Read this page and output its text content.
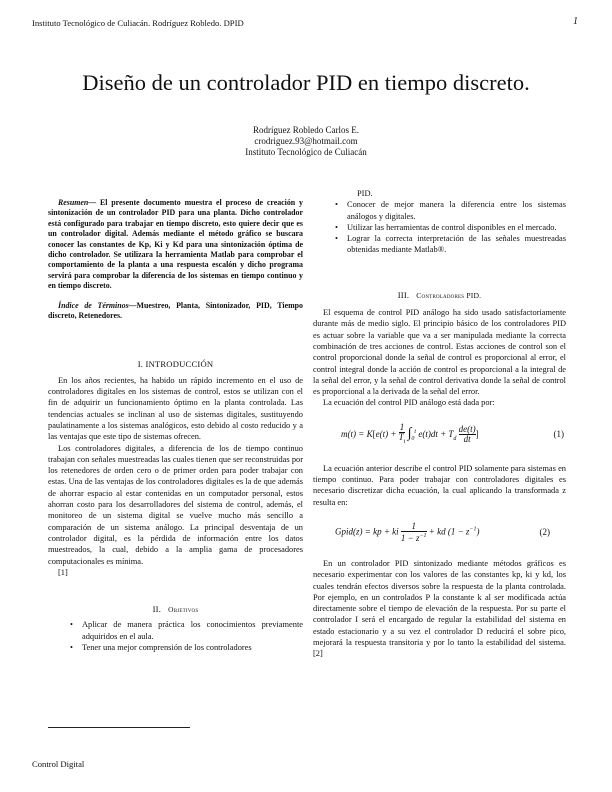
Instituto Tecnológico de Culiacán. Rodríguez Robledo. DPID	1
Diseño de un controlador PID en tiempo discreto.
Rodríguez Robledo Carlos E.
crodriguez.93@hotmail.com
Instituto Tecnológico de Culiacán

Resumen— El presente documento muestra el proceso de creación y sintonización de un controlador PID para una planta. Dicho controlador está configurado para trabajar en tiempo discreto, esto quiere decir que es un controlador digital. Además mediante el método gráfico se buscara conocer las constantes de Kp, Ki y Kd para una sintonización óptima de dicho controlador. Se utilizara la herramienta Matlab para comprobar el comportamiento de la planta a una respuesta escalón y dicho programa servirá para comprobar la diferencia de los sistemas en tiempo continuo y en tiempo discreto.

Índice de Términos—Muestreo, Planta, Sintonizador, PID, Tiempo discreto, Retenedores.

I. INTRODUCCIÓN

En los años recientes, ha habido un rápido incremento en el uso de controladores digitales en los sistemas de control, estos se utilizan con el fin de adquirir un funcionamiento óptimo en la planta controlada. Las tendencias actuales se inclinan al uso de sistemas digitales, sustituyendo paulatinamente a los sistemas analógicos, esto debido al costo reducido y a las ventajas que este tipo de sistemas ofrecen.

Los controladores digitales, a diferencia de los de tiempo continuo trabajan con señales muestreadas las cuales tienen que ser reconstruidas por los retenedores de orden cero o de primer orden para poder trabajar con estas. Una de las ventajas de los controladores digitales es la de que además de ahorrar espacio al estar contenidas en un computador personal, estos ahorran costo para los desarrolladores del sistema de control, además, el monitoreo de un sistema digital se vuelve mucho más sencillo a comparación de un sistema análogo. La principal desventaja de un controlador digital, es la pérdida de información entre los datos muestreados, la cual, debido a la amplia gama de procesadores computacionales es mínima.

[1]

II. Objetivos
• Aplicar de manera práctica los conocimientos previamente adquiridos en el aula.
• Tener una mejor comprensión de los controladores

PID.

• Conocer de mejor manera la diferencia entre los sistemas análogos y digitales.
• Utilizar las herramientas de control disponibles en el mercado.
• Lograr la correcta interpretación de las señales muestreadas obtenidas mediante Matlab®.
III. Controladores PID.

El esquema de control PID análogo ha sido usado satisfactoriamente durante más de medio siglo. El principio básico de los controladores PID es actuar sobre la variable que va a ser manipulada mediante la correcta combinación de tres acciones de control. Estas acciones de control son el control proporcional donde la señal de control es proporcional al error, el control integral donde la acción de control es proporcional a la integral de la señal del error, y la señal de control derivativa donde la señal de control es proporcional a la derivada de la señal del error.

La ecuación del control PID análogo está dada por:

$m(t) = K[e(t) + \frac{1}{T_i} \int_0^t$ $e(t)dt + T_d \frac{de(t)}{dt}$ ]	(1)

La ecuación anterior describe el control PID solamente para sistemas en tiempo continuo. Para poder trabajar con controladores digitales es necesario discretizar dicha ecuación, la cual aplicando la transformada z resulta en:

Gpid(z) = kp + ki $\frac{1}{1 - z^{-1}}$ + kd $(1 - z^{-1})$	(2)

En un controlador PID sintonizado mediante métodos gráficos es necesario experimentar con los valores de las constantes kp, ki y kd, los cuales tendrán efectos diversos sobre la respuesta de la planta controlada. Por ejemplo, en un controlados P la constante k al ser modificada actúa directamente sobre el tiempo de elevación de la respuesta. Por su parte el controlador I será el encargado de regular la estabilidad del sistema en estado estacionario y a su vez el controlador D reducirá el sobre pico, mejorará la respuesta transitoria y por lo tanto la estabilidad del sistema. [2]

Control Digital
